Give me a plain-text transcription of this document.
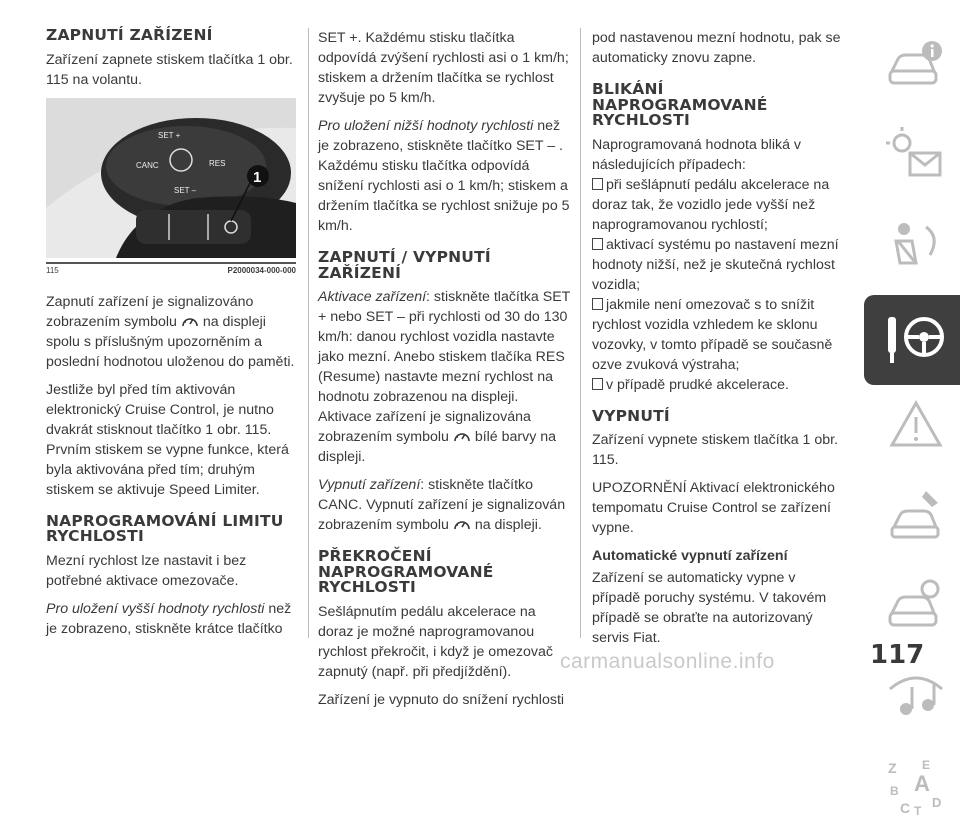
ZAPNUTÍ ZAŘÍZENÍ

Zařízení zapnete stiskem tlačítka 1 obr. 115 na volantu.

SET +
CANC	RES
SET –
1
115	P2000034-000-000

Zapnutí zařízení je signalizováno zobrazením symbolu na displeji spolu s příslušným upozorněním a poslední hodnotou uloženou do paměti.

Jestliže byl před tím aktivován elektronický Cruise Control, je nutno dvakrát stisknout tlačítko 1 obr. 115. Prvním stiskem se vypne funkce, která byla aktivována před tím; druhým stiskem se aktivuje Speed Limiter.

NAPROGRAMOVÁNÍ LIMITU RYCHLOSTI

Mezní rychlost lze nastavit i bez potřebné aktivace omezovače.

Pro uložení vyšší hodnoty rychlosti než je zobrazeno, stiskněte krátce tlačítko

SET +. Každému stisku tlačítka odpovídá zvýšení rychlosti asi o 1 km/h; stiskem a držením tlačítka se rychlost zvyšuje po 5 km/h.

Pro uložení nižší hodnoty rychlosti než je zobrazeno, stiskněte tlačítko SET – . Každému stisku tlačítka odpovídá snížení rychlosti asi o 1 km/h; stiskem a držením tlačítka se rychlost snižuje po 5 km/h.

ZAPNUTÍ / VYPNUTÍ ZAŘÍZENÍ

Aktivace zařízení: stiskněte tlačítka SET + nebo SET – při rychlosti od 30 do 130 km/h: danou rychlost vozidla nastavte jako mezní. Anebo stiskem tlačíka RES (Resume) nastavte mezní rychlost na hodnotu zobrazenou na displeji. Aktivace zařízení je signalizována zobrazením symbolu bílé barvy na displeji.

Vypnutí zařízení: stiskněte tlačítko CANC. Vypnutí zařízení je signalizován zobrazením symbolu na displeji.

PŘEKROČENÍ NAPROGRAMOVANÉ RYCHLOSTI

Sešlápnutím pedálu akcelerace na doraz je možné naprogramovanou rychlost překročit, i když je omezovač zapnutý (např. při předjíždění).

Zařízení je vypnuto do snížení rychlosti

pod nastavenou mezní hodnotu, pak se automaticky znovu zapne.

BLIKÁNÍ NAPROGRAMOVANÉ RYCHLOSTI

Naprogramovaná hodnota bliká v následujících případech:

při sešlápnutí pedálu akcelerace na doraz tak, že vozidlo jede vyšší než naprogramovanou rychlostí;
aktivací systému po nastavení mezní hodnoty nižší, než je skutečná rychlost vozidla;
jakmile není omezovač s to snížit rychlost vozidla vzhledem ke sklonu vozovky, v tomto případě se současně ozve zvuková výstraha;
v případě prudké akcelerace.
VYPNUTÍ

Zařízení vypnete stiskem tlačítka 1 obr. 115.

UPOZORNĚNÍ Aktivací elektronického tempomatu Cruise Control se zařízení vypne.

Automatické vypnutí zařízení

Zařízení se automaticky vypne v případě poruchy systému. V takovém případě se obraťte na autorizovaný servis Fiat.

Z E
B A
C T
D
carmanualsonline.info	117
